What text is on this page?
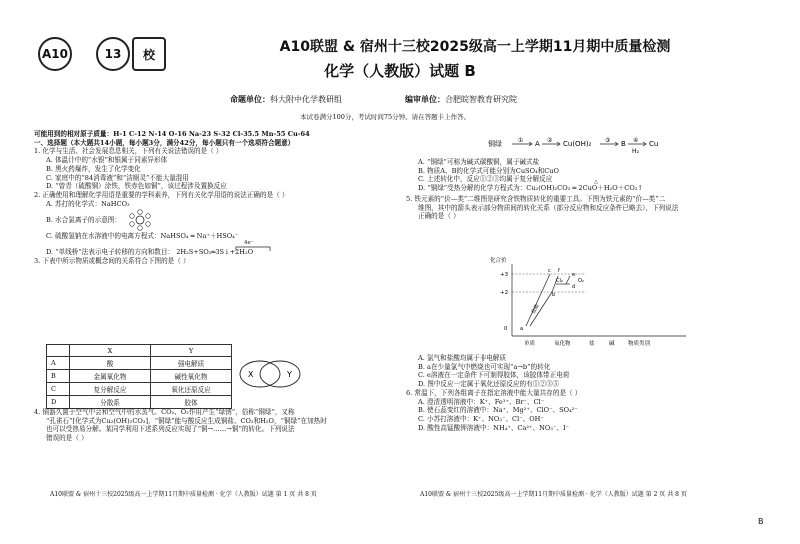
A10	13 校	A10联盟 & 宿州十三校2025级高一上学期11月期中质量检测
化学（人教版）试题 B
命题单位：科大附中化学教研组	编审单位：合肥皖智教育研究院
本试卷满分100分，考试时间75分钟。请在答题卡上作答。
可能用到的相对原子质量：H-1 C-12 N-14 O-16 Na-23 S-32 Cl-35.5 Mn-55 Cu-64
一、选择题（本大题共14小题，每小题3分，满分42分，每小题只有一个选项符合题意）
1. 化学与生活、社会发展息息相关，下列有关说法错误的是（ ）
A. 体温计中的“水银”和银属于同素异形体
B. 黑火药爆炸，发生了化学变化
C. 家庭中的“84消毒液”和“洁厕灵”不能大量混用
D. “曾青（硫酸铜）涂铁，铁赤色如铜”，该过程涉及置换反应
2. 正确使用和理解化学用语是重要的学科素养，下列有关化学用语的说法正确的是（ ）
A. 苏打的化学式：NaHCO₃
B. 水合氯离子的示意图：
C. 硫酸氢钠在水溶液中的电离方程式：NaHSO₄ ═ Na⁺＋HSO₄⁻
D. “单线桥”法表示电子转移的方向和数目：
4e⁻
2H₂S+SO₂═3S↓+2H₂O
3. 下表中所示物质或概念间的关系符合下图的是（ ）
	X	Y
A	酸	强电解质
B	金属氧化物	碱性氧化物
C	复分解反应	氧化还原反应
D	分散系	胶体
X	Y
4. 铜器久置于空气中会和空气中的水蒸气、CO₂、O₂作用产生“绿锈”，俗称“铜绿”，又称
“孔雀石”[化学式为Cu₂(OH)₂CO₃]，“铜绿”能与酸反应生成铜盐、CO₂和H₂O，“铜绿”在加热时
也可以受热易分解。某同学利用下述系列反应实现了“铜→……→铜”的转化。下列说法
错误的是（ ）
A10联盟 & 宿州十三校2025级高一上学期11月期中质量检测 · 化学（人教版）试题 第 1 页 共 8 页
铜绿	① A ② Cu(OH)₂ ③ B ④
H₂
Cu
A. “铜绿”可称为碱式碳酸铜，属于碱式盐
B. 物质A、B的化学式可能分别为CuSO₄和CuO
C. 上述转化中，反应①②③均属于复分解反应
D. “铜绿”受热分解的化学方程式为：Cu₂(OH)₂CO₃ ═ 2CuO＋H₂O＋CO₂↑
△
5. 铁元素的“价—类”二维图是研究含铁物质转化的重要工具。下图为铁元素的“价—类”二
维图，其中的箭头表示部分物质间的转化关系（部分反应物和反应条件已略去），下列说法
正确的是（ ）
化合价
+3
+2
0
单质	氧化物	盐	碱 物质类别
a
b
c
d
e
f
Cl₂	O₂
盐酸
A. 氯气和盐酸均属于非电解质
B. a在少量氯气中燃烧也可实现“a→b”的转化
C. e溶液在一定条件下可制得胶体，该胶体带正电荷
D. 图中反应一定属于氧化还原反应的有①②③⑤
6. 常温下，下列各组离子在指定溶液中能大量共存的是（ ）
A. 澄清透明溶液中：K⁺、Fe³⁺、Br⁻、Cl⁻
B. 使石蕊变红的溶液中：Na⁺、Mg²⁺、ClO⁻、SO₄²⁻
C. 小苏打溶液中：K⁺、NO₃⁻、Cl⁻、OH⁻
D. 酸性高锰酸钾溶液中：NH₄⁺、Ca²⁺、NO₃⁻、I⁻
A10联盟 & 宿州十三校2025级高一上学期11月期中质量检测 · 化学（人教版）试题 第 2 页 共 8 页
B
